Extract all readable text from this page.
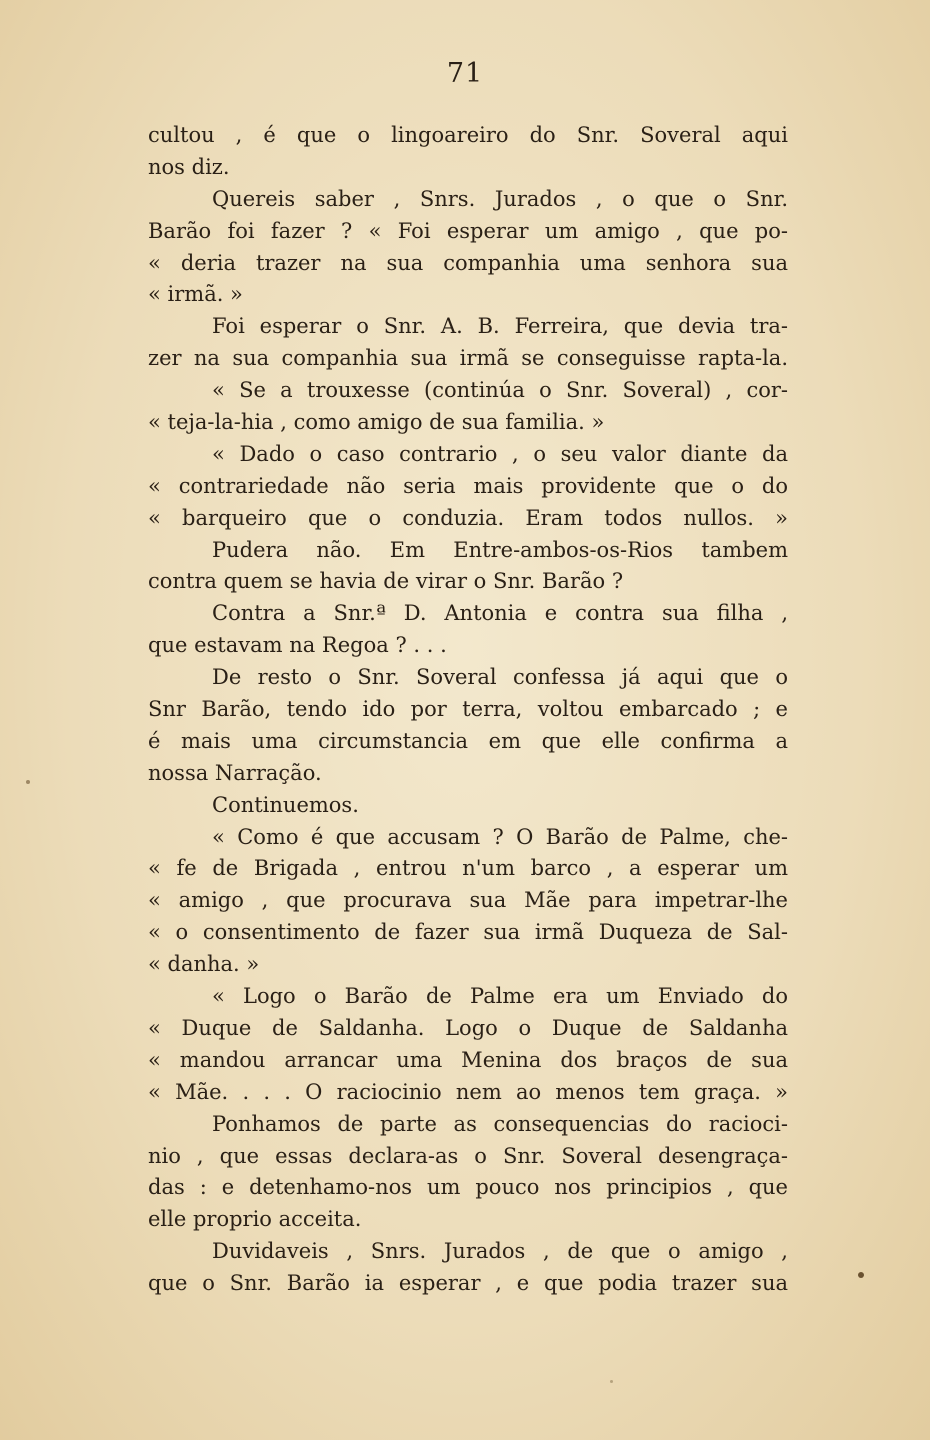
71
cultou , é que o lingoareiro do Snr. Soveral aqui
nos diz.
Quereis saber , Snrs. Jurados , o que o Snr.
Barão foi fazer ? « Foi esperar um amigo , que po-
« deria trazer na sua companhia uma senhora sua
« irmã. »
Foi esperar o Snr. A. B. Ferreira, que devia tra-
zer na sua companhia sua irmã se conseguisse rapta-la.
« Se a trouxesse (continúa o Snr. Soveral) , cor-
« teja-la-hia , como amigo de sua familia. »
« Dado o caso contrario , o seu valor diante da
« contrariedade não seria mais providente que o do
« barqueiro que o conduzia. Eram todos nullos. »
Pudera não. Em Entre-ambos-os-Rios tambem
contra quem se havia de virar o Snr. Barão ?
Contra a Snr.ª D. Antonia e contra sua filha ,
que estavam na Regoa ? . . .
De resto o Snr. Soveral confessa já aqui que o
Snr Barão, tendo ido por terra, voltou embarcado ; e
é mais uma circumstancia em que elle confirma a
nossa Narração.
Continuemos.
« Como é que accusam ? O Barão de Palme, che-
« fe de Brigada , entrou n'um barco , a esperar um
« amigo , que procurava sua Mãe para impetrar-lhe
« o consentimento de fazer sua irmã Duqueza de Sal-
« danha. »
« Logo o Barão de Palme era um Enviado do
« Duque de Saldanha. Logo o Duque de Saldanha
« mandou arrancar uma Menina dos braços de sua
« Mãe. . . . O raciocinio nem ao menos tem graça. »
Ponhamos de parte as consequencias do racioci-
nio , que essas declara-as o Snr. Soveral desengraça-
das : e detenhamo-nos um pouco nos principios , que
elle proprio acceita.
Duvidaveis , Snrs. Jurados , de que o amigo ,
que o Snr. Barão ia esperar , e que podia trazer sua
